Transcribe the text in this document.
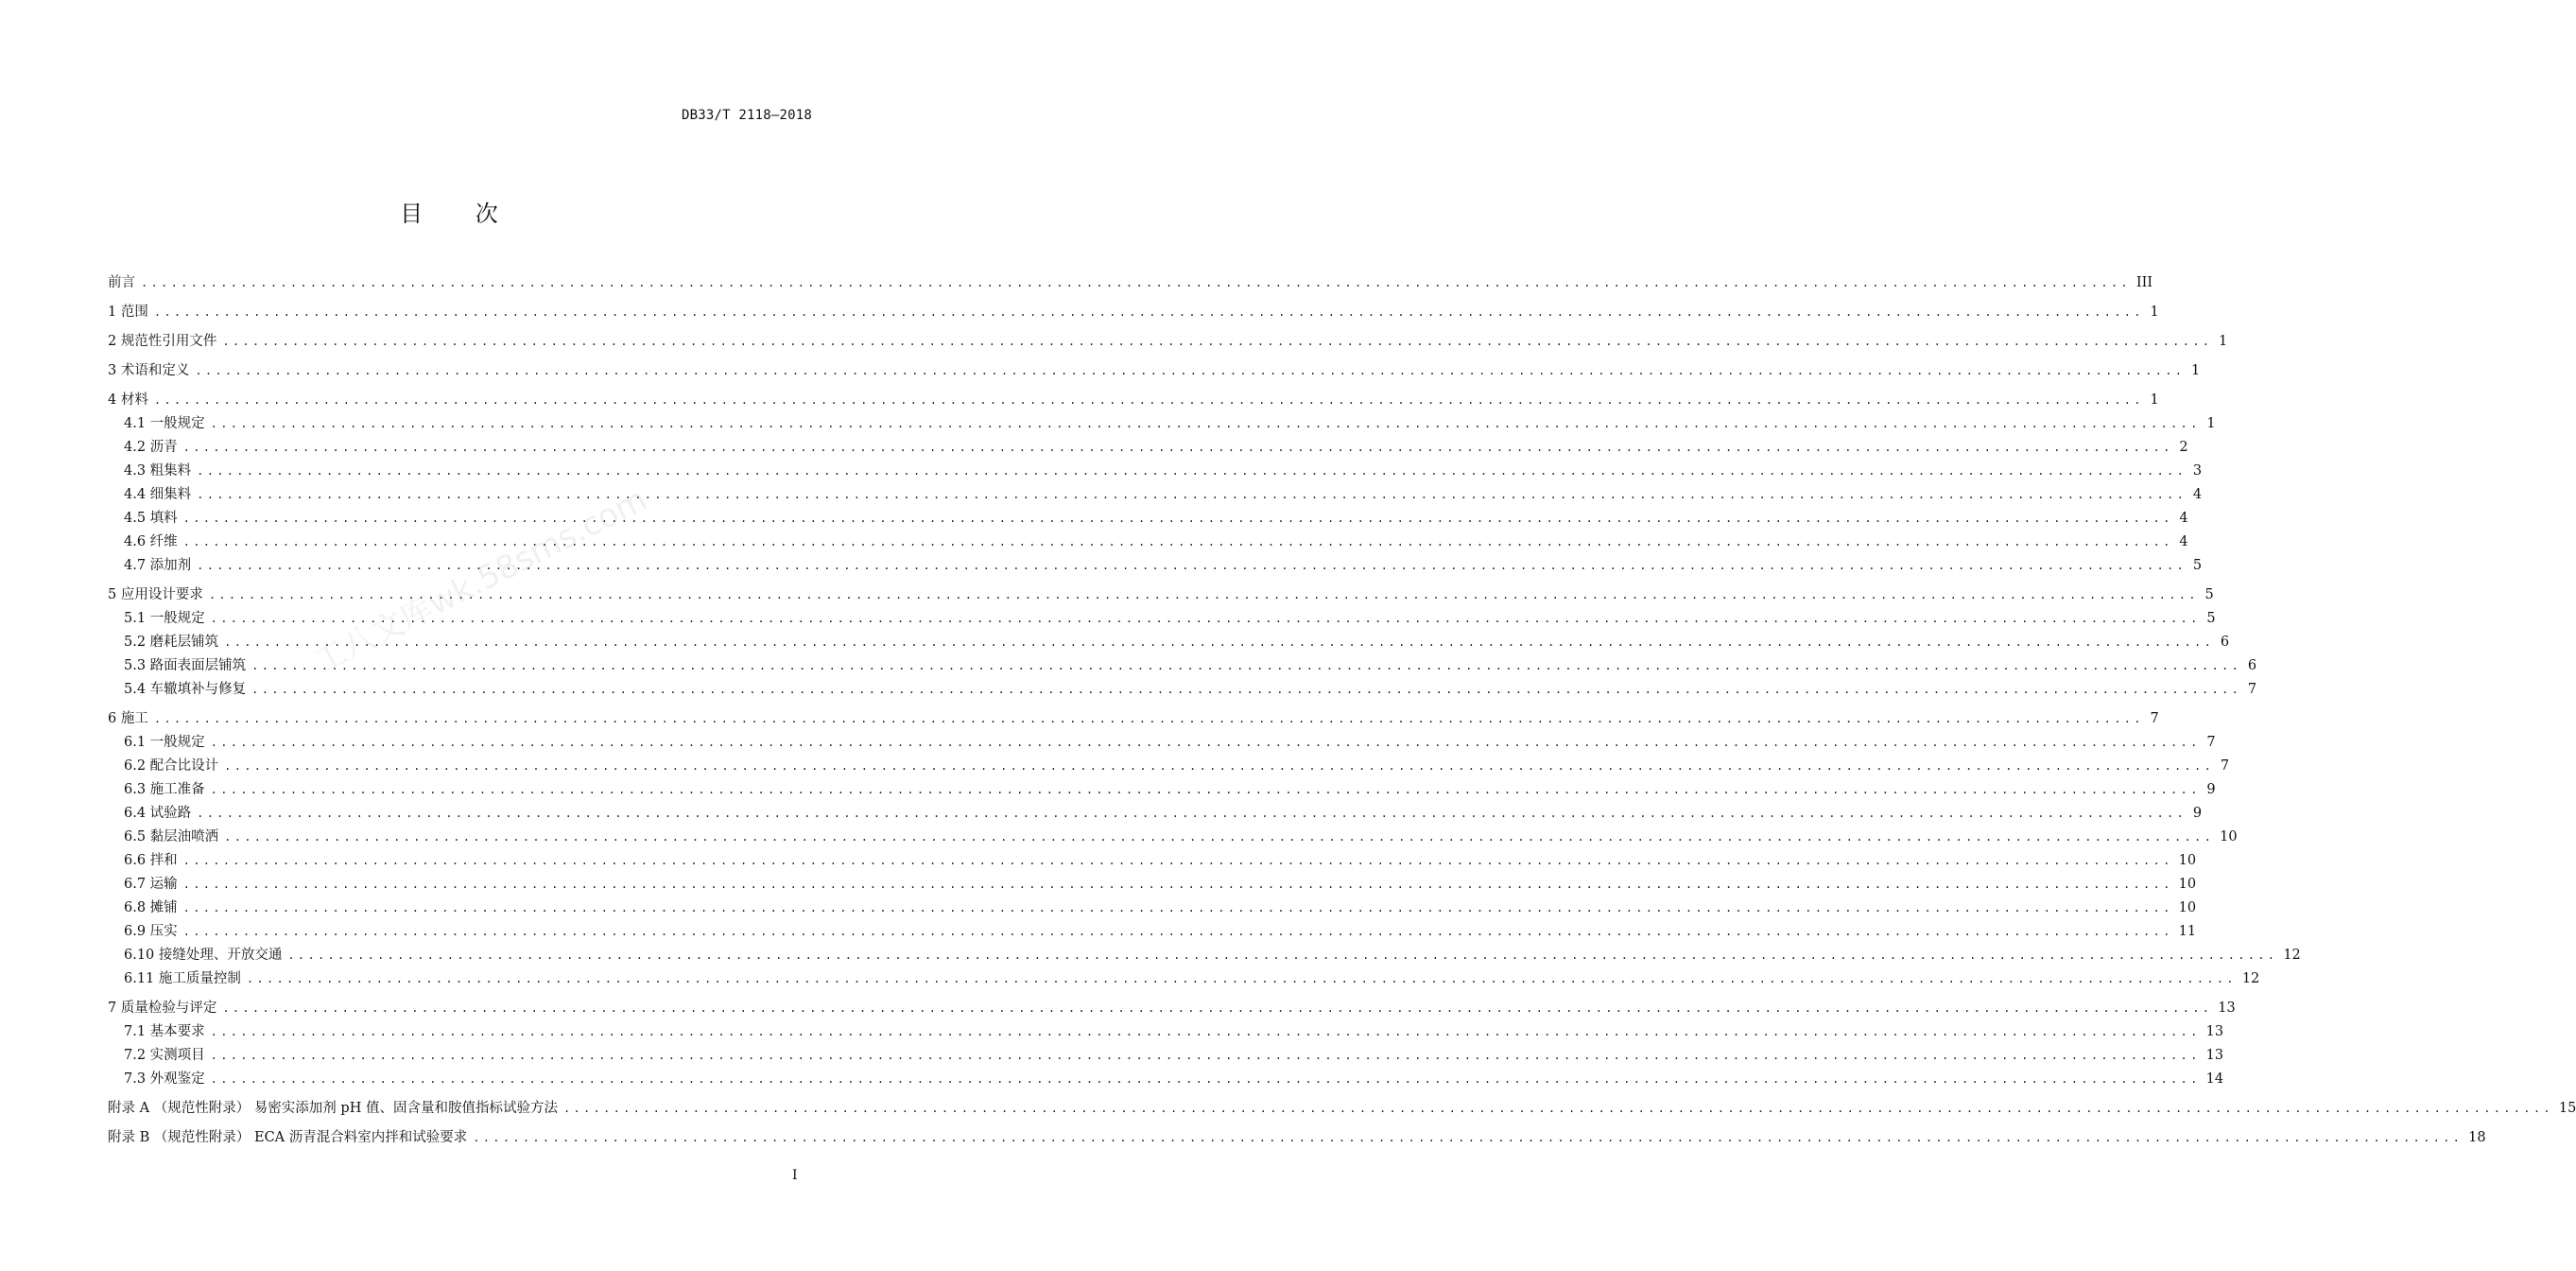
DB33/T 2118—2018
目 次
工八文库wk.58sms.com
前言 ........................................................................................................................................................................................................ III
1 范围 ........................................................................................................................................................................................................ 1
2 规范性引用文件 ........................................................................................................................................................................................................ 1
3 术语和定义 ........................................................................................................................................................................................................ 1
4 材料 ........................................................................................................................................................................................................ 1
4.1 一般规定 ........................................................................................................................................................................................................ 1
4.2 沥青 ........................................................................................................................................................................................................ 2
4.3 粗集料 ........................................................................................................................................................................................................ 3
4.4 细集料 ........................................................................................................................................................................................................ 4
4.5 填料 ........................................................................................................................................................................................................ 4
4.6 纤维 ........................................................................................................................................................................................................ 4
4.7 添加剂 ........................................................................................................................................................................................................ 5
5 应用设计要求 ........................................................................................................................................................................................................ 5
5.1 一般规定 ........................................................................................................................................................................................................ 5
5.2 磨耗层铺筑 ........................................................................................................................................................................................................ 6
5.3 路面表面层铺筑 ........................................................................................................................................................................................................ 6
5.4 车辙填补与修复 ........................................................................................................................................................................................................ 7
6 施工 ........................................................................................................................................................................................................ 7
6.1 一般规定 ........................................................................................................................................................................................................ 7
6.2 配合比设计 ........................................................................................................................................................................................................ 7
6.3 施工准备 ........................................................................................................................................................................................................ 9
6.4 试验路 ........................................................................................................................................................................................................ 9
6.5 黏层油喷洒 ........................................................................................................................................................................................................ 10
6.6 拌和 ........................................................................................................................................................................................................ 10
6.7 运输 ........................................................................................................................................................................................................ 10
6.8 摊铺 ........................................................................................................................................................................................................ 10
6.9 压实 ........................................................................................................................................................................................................ 11
6.10 接缝处理、开放交通 ........................................................................................................................................................................................................ 12
6.11 施工质量控制 ........................................................................................................................................................................................................ 12
7 质量检验与评定 ........................................................................................................................................................................................................ 13
7.1 基本要求 ........................................................................................................................................................................................................ 13
7.2 实测项目 ........................................................................................................................................................................................................ 13
7.3 外观鉴定 ........................................................................................................................................................................................................ 14
附录 A （规范性附录） 易密实添加剂 pH 值、固含量和胺值指标试验方法 ........................................................................................................................................................................................................ 15
附录 B （规范性附录） ECA 沥青混合料室内拌和试验要求 ........................................................................................................................................................................................................ 18
I
